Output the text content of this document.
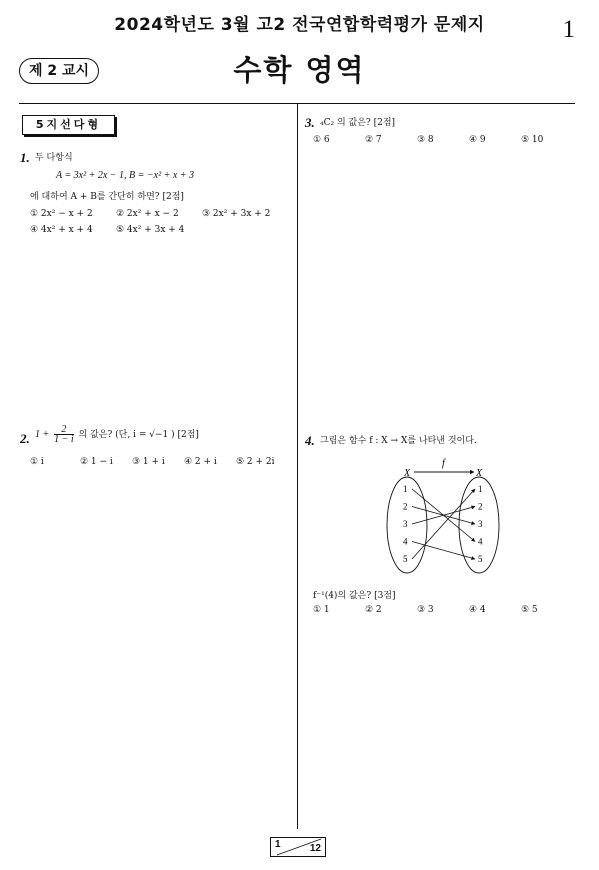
2024학년도 3월 고2 전국연합학력평가 문제지	1
제 2 교시	수학 영역
5지선다형
1. 두 다항식
A = 3x² + 2x − 1, B = −x² + x + 3
에 대하여 A + B를 간단히 하면? [2점]
① 2x² − x + 2	② 2x² + x − 2	③ 2x² + 3x + 2
④ 4x² + x + 4	⑤ 4x² + 3x + 4
2. $1 + \frac{2}{1 - i}$ 의 값은? (단, i = √−1 ) [2점]
① i	② 1 − i ③ 1 + i ④ 2 + i ⑤ 2 + 2i
3. ₄C₂ 의 값은? [2점]
① 6	② 7	③ 8	④ 9	⑤ 10
4. 그림은 함수 f : X → X를 나타낸 것이다.
f
X	X
1
2
3
4
5
1
2
3
4
5
f⁻¹(4)의 값은? [3점]
① 1	② 2	③ 3	④ 4	⑤ 5
1	12
